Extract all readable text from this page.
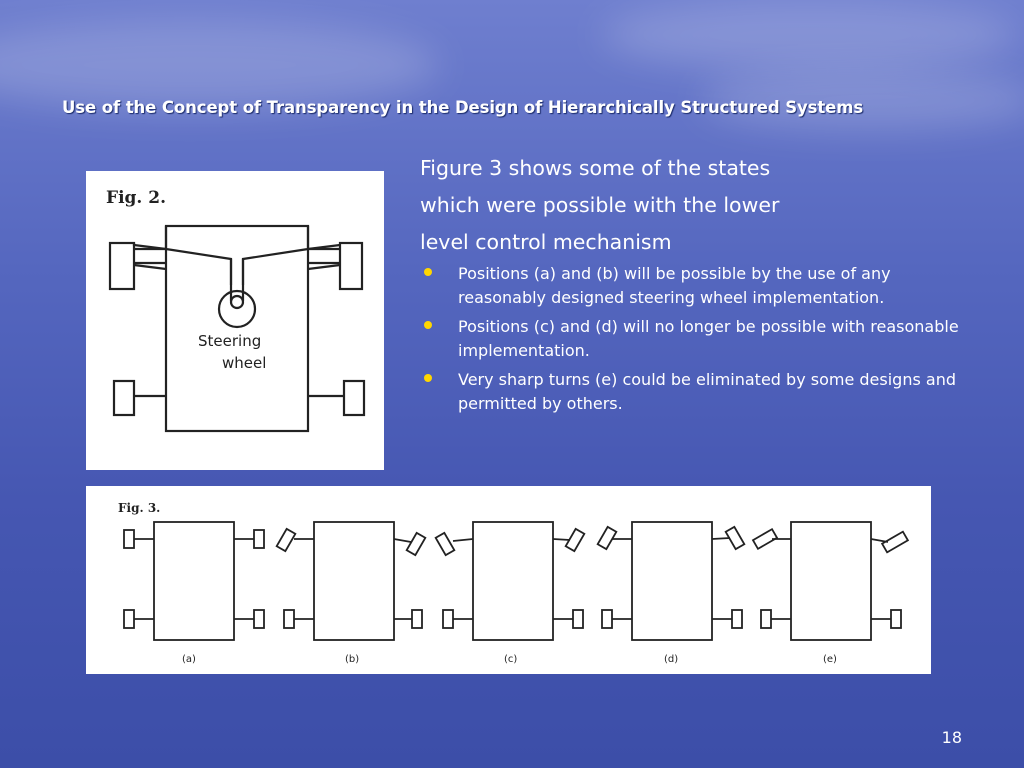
Use of the Concept of Transparency in the Design of Hierarchically Structured Systems
Fig. 2.
Steering
wheel

Figure 3 shows some of the states
which were possible with the lower
level control mechanism

Positions (a) and (b) will be possible by the use of any reasonably designed steering wheel implementation.
Positions (c) and (d) will no longer be possible with reasonable implementation.
Very sharp turns (e) could be eliminated by some designs and permitted by others.
Fig. 3.
(a)	(b)	(c)	(d)	(e)
18
